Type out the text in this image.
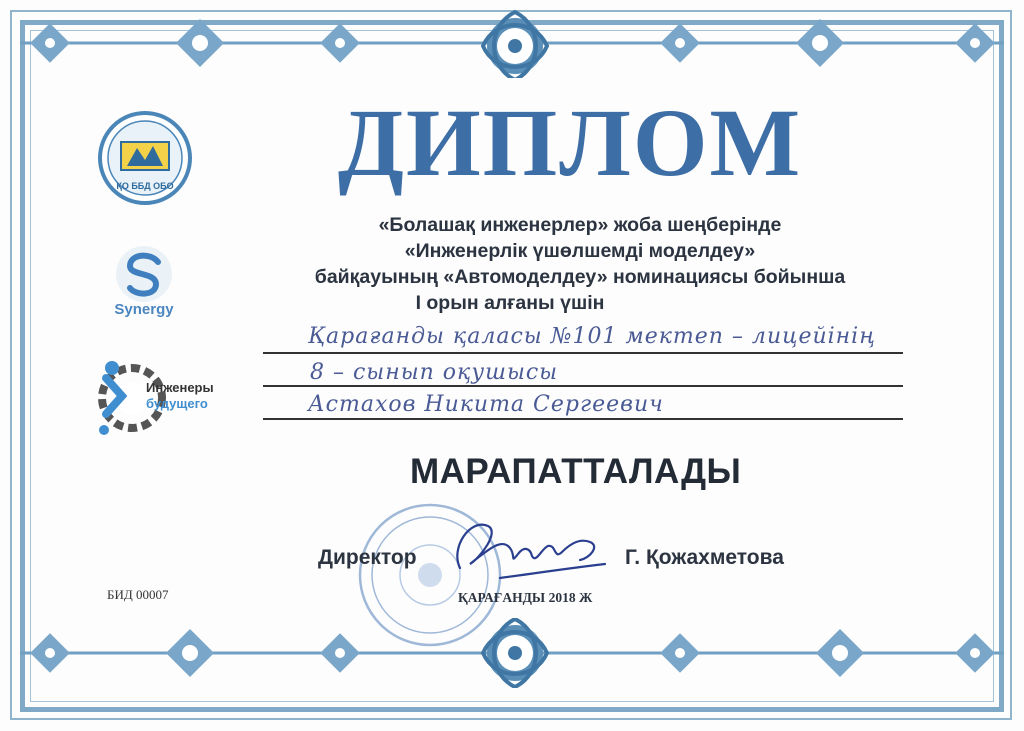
ҚО ББД ОБО
Synergy
Инженеры
будущего
ДИПЛОМ
«Болашақ инженерлер» жоба шеңберінде
«Инженерлік үшөлшемді моделдеу»
байқауының «Автомоделдеу» номинациясы бойынша
І орын алғаны үшін
Қарағанды қаласы №101 мектеп – лицейінің
8 – сынып оқушысы
Астахов Никита Сергеевич
МАРАПАТТАЛАДЫ
Директор	Г. Қожахметова
ҚАРАҒАНДЫ 2018 Ж
БИД 00007
